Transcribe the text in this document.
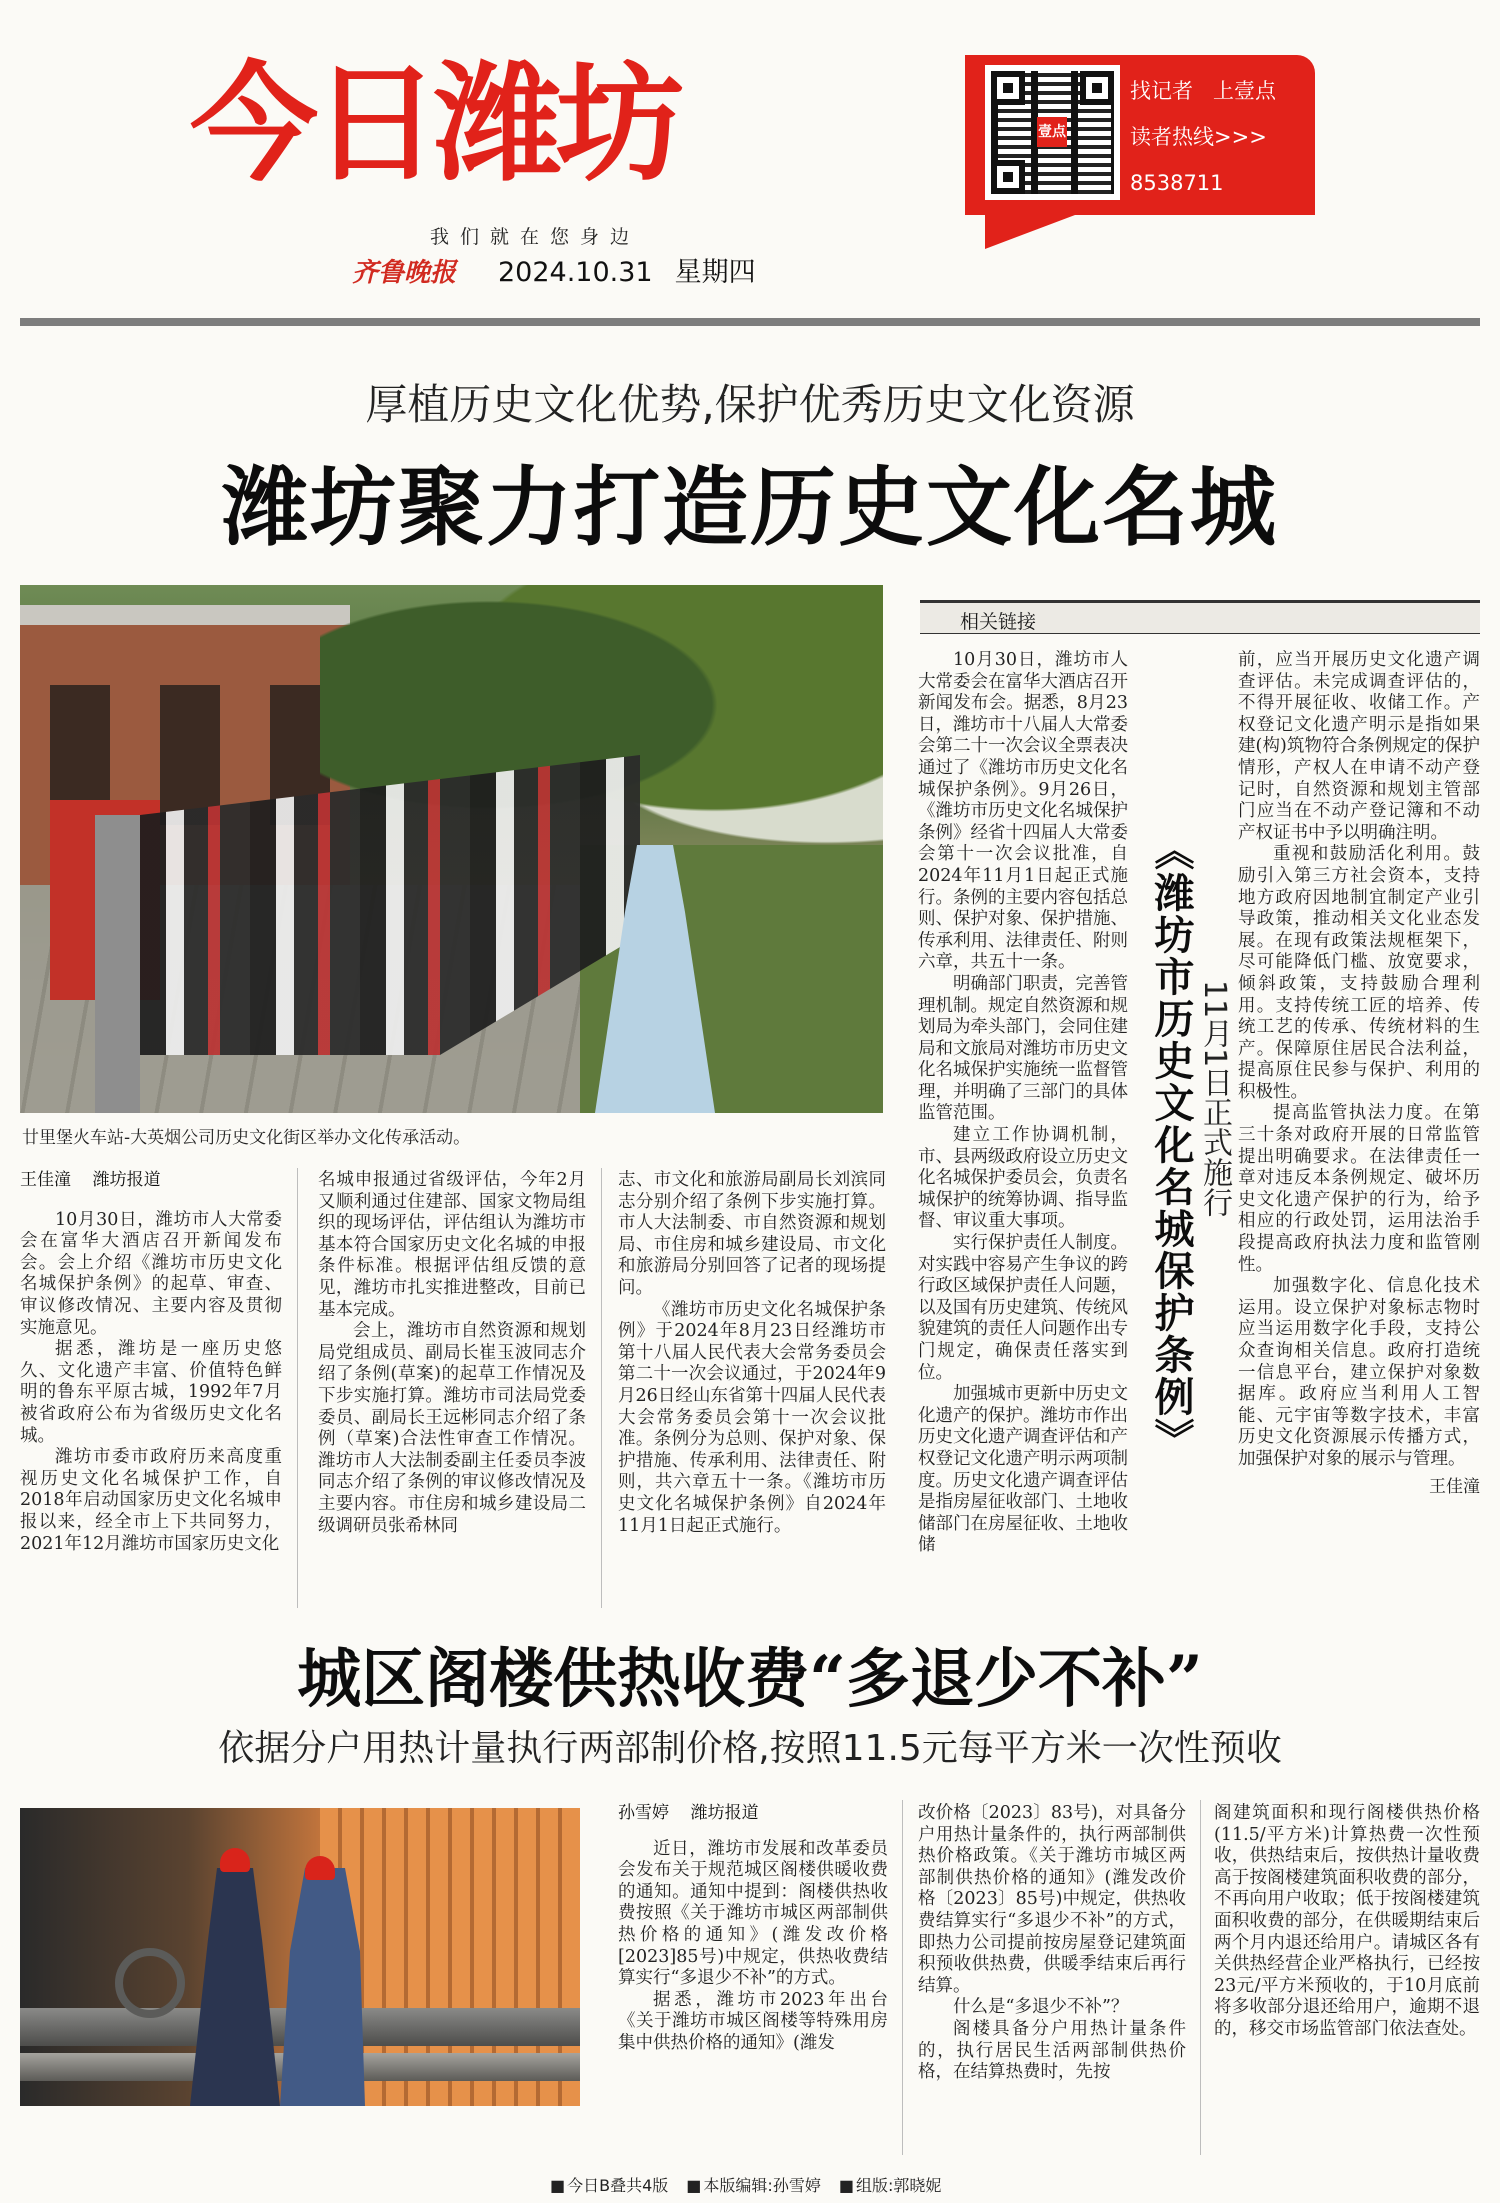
今日潍坊
我们就在您身边
齐鲁晚报 2024.10.31 星期四
壹点
找记者 上壹点
读者热线>>>
8538711
厚植历史文化优势,保护优秀历史文化资源
潍坊聚力打造历史文化名城
廿里堡火车站-大英烟公司历史文化街区举办文化传承活动。
王佳潼 潍坊报道

10月30日，潍坊市人大常委会在富华大酒店召开新闻发布会。会上介绍《潍坊市历史文化名城保护条例》的起草、审查、审议修改情况、主要内容及贯彻实施意见。

据悉，潍坊是一座历史悠久、文化遗产丰富、价值特色鲜明的鲁东平原古城，1992年7月被省政府公布为省级历史文化名城。

潍坊市委市政府历来高度重视历史文化名城保护工作，自2018年启动国家历史文化名城申报以来，经全市上下共同努力，2021年12月潍坊市国家历史文化

名城申报通过省级评估，今年2月又顺利通过住建部、国家文物局组织的现场评估，评估组认为潍坊市基本符合国家历史文化名城的申报条件标准。根据评估组反馈的意见，潍坊市扎实推进整改，目前已基本完成。

会上，潍坊市自然资源和规划局党组成员、副局长崔玉波同志介绍了条例(草案)的起草工作情况及下步实施打算。潍坊市司法局党委委员、副局长王远彬同志介绍了条例（草案)合法性审查工作情况。潍坊市人大法制委副主任委员李波同志介绍了条例的审议修改情况及主要内容。市住房和城乡建设局二级调研员张希林同

志、市文化和旅游局副局长刘滨同志分别介绍了条例下步实施打算。市人大法制委、市自然资源和规划局、市住房和城乡建设局、市文化和旅游局分别回答了记者的现场提问。

《潍坊市历史文化名城保护条例》于2024年8月23日经潍坊市第十八届人民代表大会常务委员会第二十一次会议通过，于2024年9月26日经山东省第十四届人民代表大会常务委员会第十一次会议批准。条例分为总则、保护对象、保护措施、传承利用、法律责任、附则，共六章五十一条。《潍坊市历史文化名城保护条例》自2024年11月1日起正式施行。

相关链接

10月30日，潍坊市人大常委会在富华大酒店召开新闻发布会。据悉，8月23日，潍坊市十八届人大常委会第二十一次会议全票表决通过了《潍坊市历史文化名城保护条例》。9月26日，《潍坊市历史文化名城保护条例》经省十四届人大常委会第十一次会议批准，自2024年11月1日起正式施行。条例的主要内容包括总则、保护对象、保护措施、传承利用、法律责任、附则六章，共五十一条。

明确部门职责，完善管理机制。规定自然资源和规划局为牵头部门，会同住建局和文旅局对潍坊市历史文化名城保护实施统一监督管理，并明确了三部门的具体监管范围。

建立工作协调机制，市、县两级政府设立历史文化名城保护委员会，负责名城保护的统筹协调、指导监督、审议重大事项。

实行保护责任人制度。对实践中容易产生争议的跨行政区域保护责任人问题，以及国有历史建筑、传统风貌建筑的责任人问题作出专门规定，确保责任落实到位。

加强城市更新中历史文化遗产的保护。潍坊市作出历史文化遗产调查评估和产权登记文化遗产明示两项制度。历史文化遗产调查评估是指房屋征收部门、土地收储部门在房屋征收、土地收储

《潍坊市历史文化名城保护条例》 11月1日正式施行

前，应当开展历史文化遗产调查评估。未完成调查评估的，不得开展征收、收储工作。产权登记文化遗产明示是指如果建(构)筑物符合条例规定的保护情形，产权人在申请不动产登记时，自然资源和规划主管部门应当在不动产登记簿和不动产权证书中予以明确注明。

重视和鼓励活化利用。鼓励引入第三方社会资本，支持地方政府因地制宜制定产业引导政策，推动相关文化业态发展。在现有政策法规框架下，尽可能降低门槛、放宽要求，倾斜政策，支持鼓励合理利用。支持传统工匠的培养、传统工艺的传承、传统材料的生产。保障原住居民合法利益，提高原住民参与保护、利用的积极性。

提高监管执法力度。在第三十条对政府开展的日常监管提出明确要求。在法律责任一章对违反本条例规定、破坏历史文化遗产保护的行为，给予相应的行政处罚，运用法治手段提高政府执法力度和监管刚性。

加强数字化、信息化技术运用。设立保护对象标志物时应当运用数字化手段，支持公众查询相关信息。政府打造统一信息平台，建立保护对象数据库。政府应当利用人工智能、元宇宙等数字技术，丰富历史文化资源展示传播方式，加强保护对象的展示与管理。

王佳潼
城区阁楼供热收费“多退少不补”
依据分户用热计量执行两部制价格,按照11.5元每平方米一次性预收
孙雪婷 潍坊报道

近日，潍坊市发展和改革委员会发布关于规范城区阁楼供暖收费的通知。通知中提到：阁楼供热收费按照《关于潍坊市城区两部制供热价格的通知》(潍发改价格[2023]85号)中规定，供热收费结算实行“多退少不补”的方式。

据悉，潍坊市2023年出台《关于潍坊市城区阁楼等特殊用房集中供热价格的通知》(潍发

改价格〔2023〕83号)，对具备分户用热计量条件的，执行两部制供热价格政策。《关于潍坊市城区两部制供热价格的通知》(潍发改价格〔2023〕85号)中规定，供热收费结算实行“多退少不补”的方式，即热力公司提前按房屋登记建筑面积预收供热费，供暖季结束后再行结算。

什么是“多退少不补”？

阁楼具备分户用热计量条件的，执行居民生活两部制供热价格，在结算热费时，先按

阁建筑面积和现行阁楼供热价格(11.5/平方米)计算热费一次性预收，供热结束后，按供热计量收费高于按阁楼建筑面积收费的部分，不再向用户收取；低于按阁楼建筑面积收费的部分，在供暖期结束后两个月内退还给用户。请城区各有关供热经营企业严格执行，已经按23元/平方米预收的，于10月底前将多收部分退还给用户，逾期不退的，移交市场监管部门依法查处。

■ 今日B叠共4版 ■ 本版编辑:孙雪婷 ■ 组版:郭晓妮
